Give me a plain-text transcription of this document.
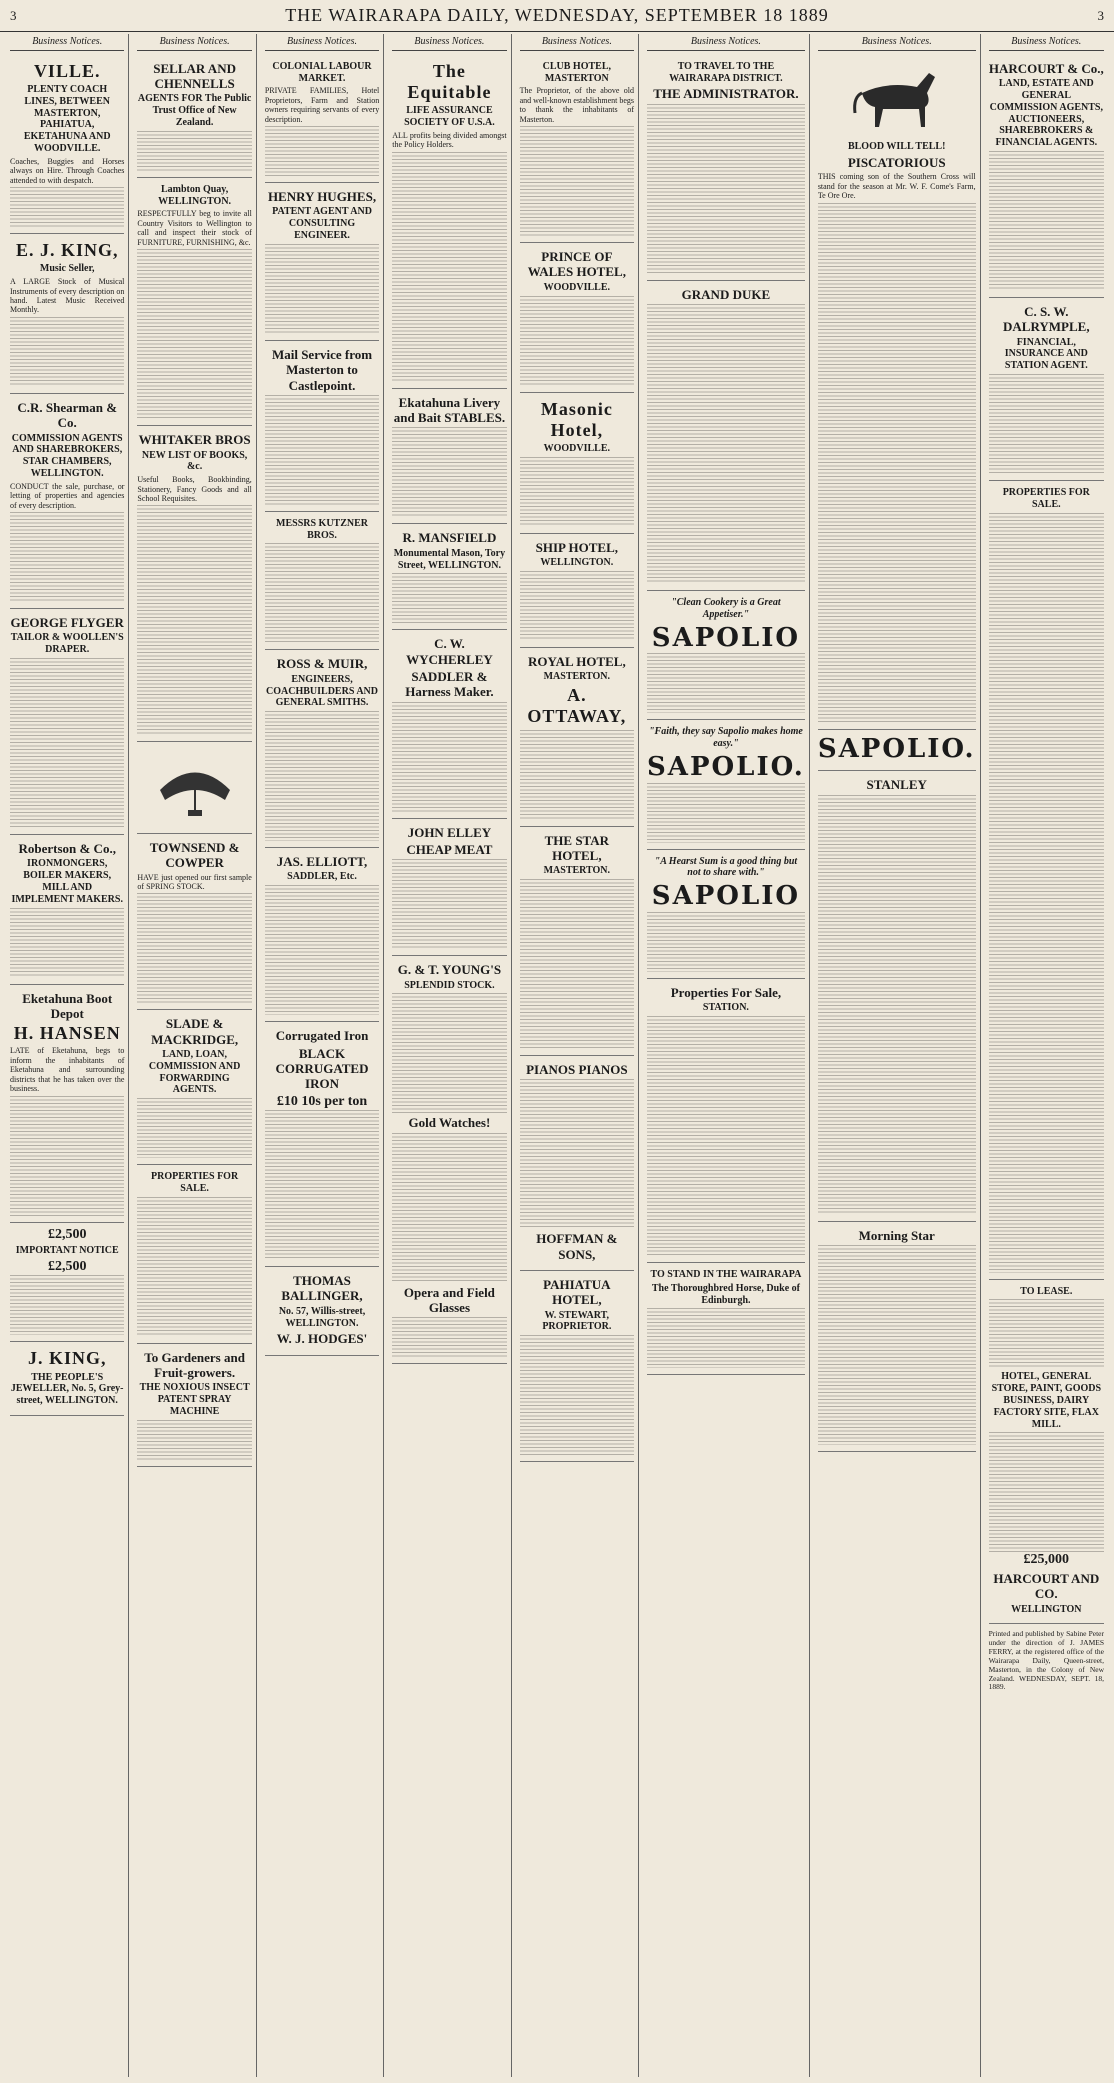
3	THE WAIRARAPA DAILY, WEDNESDAY, SEPTEMBER 18 1889	3
Business Notices.
VILLE.
PLENTY COACH LINES, BETWEEN MASTERTON, PAHIATUA, EKETAHUNA AND WOODVILLE.

Coaches, Buggies and Horses always on Hire. Through Coaches attended to with despatch.

E. J. KING,
Music Seller,

A LARGE Stock of Musical Instruments of every description on hand. Latest Music Received Monthly.

C.R. Shearman & Co.
COMMISSION AGENTS AND SHAREBROKERS, STAR CHAMBERS, WELLINGTON.

CONDUCT the sale, purchase, or letting of properties and agencies of every description.

GEORGE FLYGER
TAILOR & WOOLLEN'S DRAPER.
Robertson & Co.,
IRONMONGERS, BOILER MAKERS, MILL AND IMPLEMENT MAKERS.
Eketahuna Boot Depot
H. HANSEN

LATE of Eketahuna, begs to inform the inhabitants of Eketahuna and surrounding districts that he has taken over the business.

£2,500
IMPORTANT NOTICE
£2,500
J. KING,
THE PEOPLE'S JEWELLER, No. 5, Grey-street, WELLINGTON.
Business Notices.
SELLAR AND CHENNELLS
AGENTS FOR The Public Trust Office of New Zealand.
Lambton Quay, WELLINGTON.

RESPECTFULLY beg to invite all Country Visitors to Wellington to call and inspect their stock of FURNITURE, FURNISHING, &c.

WHITAKER BROS
NEW LIST OF BOOKS, &c.

Useful Books, Bookbinding, Stationery, Fancy Goods and all School Requisites.

TOWNSEND & COWPER

HAVE just opened our first sample of SPRING STOCK.

SLADE & MACKRIDGE,
LAND, LOAN, COMMISSION AND FORWARDING AGENTS.
PROPERTIES FOR SALE.
To Gardeners and Fruit-growers.
THE NOXIOUS INSECT PATENT SPRAY MACHINE
Business Notices.
COLONIAL LABOUR MARKET.

PRIVATE FAMILIES, Hotel Proprietors, Farm and Station owners requiring servants of every description.

HENRY HUGHES,
PATENT AGENT AND CONSULTING ENGINEER.
Mail Service from Masterton to Castlepoint.
MESSRS KUTZNER BROS.
ROSS & MUIR,
ENGINEERS, COACHBUILDERS AND GENERAL SMITHS.
JAS. ELLIOTT,
SADDLER, Etc.
Corrugated Iron
BLACK CORRUGATED IRON
£10 10s per ton
THOMAS BALLINGER,
No. 57, Willis-street, WELLINGTON.
W. J. HODGES'
Business Notices.
The Equitable
LIFE ASSURANCE SOCIETY OF U.S.A.

ALL profits being divided amongst the Policy Holders.

Ekatahuna Livery and Bait STABLES.
R. MANSFIELD
Monumental Mason, Tory Street, WELLINGTON.
C. W. WYCHERLEY
SADDLER & Harness Maker.
JOHN ELLEY
CHEAP MEAT
G. & T. YOUNG'S
SPLENDID STOCK.
Gold Watches!
Opera and Field Glasses
Business Notices.
CLUB HOTEL, MASTERTON

The Proprietor, of the above old and well-known establishment begs to thank the inhabitants of Masterton.

PRINCE OF WALES HOTEL,
WOODVILLE.
Masonic Hotel,
WOODVILLE.
SHIP HOTEL,
WELLINGTON.
ROYAL HOTEL,
MASTERTON.
A. OTTAWAY,
THE STAR HOTEL,
MASTERTON.
PIANOS PIANOS
HOFFMAN & SONS,
PAHIATUA HOTEL,
W. STEWART, PROPRIETOR.
Business Notices.
TO TRAVEL TO THE WAIRARAPA DISTRICT.
THE ADMINISTRATOR.
GRAND DUKE

"Clean Cookery is a Great Appetiser."
SAPOLIO
"Faith, they say Sapolio makes home easy."
SAPOLIO.
"A Hearst Sum is a good thing but not to share with."
SAPOLIO
Properties For Sale,
STATION.
TO STAND IN THE WAIRARAPA
The Thoroughbred Horse, Duke of Edinburgh.
Business Notices.
BLOOD WILL TELL!
PISCATORIOUS

THIS coming son of the Southern Cross will stand for the season at Mr. W. F. Come's Farm, Te Ore Ore.

SAPOLIO.
STANLEY
Morning Star
Business Notices.
HARCOURT & Co.,
LAND, ESTATE AND GENERAL COMMISSION AGENTS, AUCTIONEERS, SHAREBROKERS & FINANCIAL AGENTS.
C. S. W. DALRYMPLE,
FINANCIAL, INSURANCE AND STATION AGENT.
PROPERTIES FOR SALE.
TO LEASE.
HOTEL, GENERAL STORE, PAINT, GOODS BUSINESS, DAIRY FACTORY SITE, FLAX MILL.
£25,000
HARCOURT AND CO.
WELLINGTON
Printed and published by Sabine Peter under the direction of J. JAMES FERRY, at the registered office of the Wairarapa Daily, Queen-street, Masterton, in the Colony of New Zealand. WEDNESDAY, SEPT. 18, 1889.
